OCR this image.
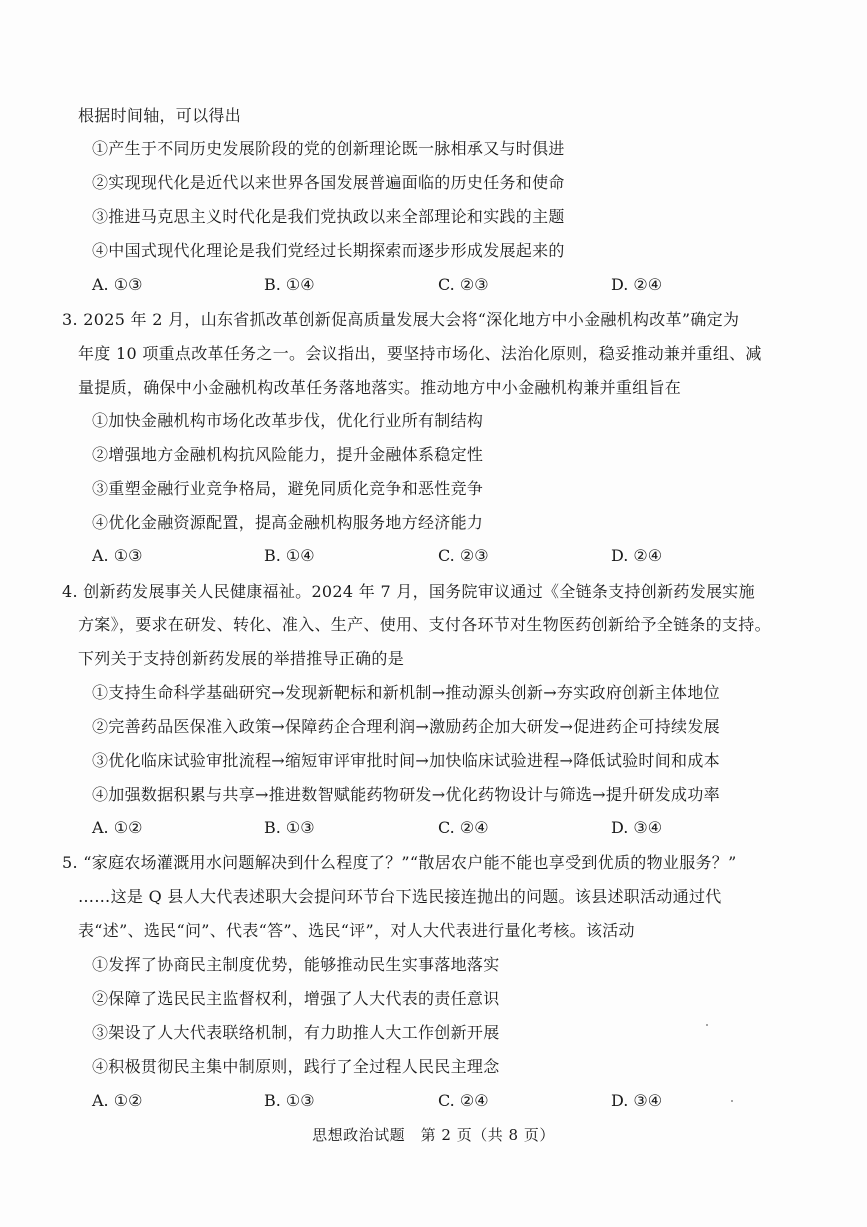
根据时间轴，可以得出
①产生于不同历史发展阶段的党的创新理论既一脉相承又与时俱进
②实现现代化是近代以来世界各国发展普遍面临的历史任务和使命
③推进马克思主义时代化是我们党执政以来全部理论和实践的主题
④中国式现代化理论是我们党经过长期探索而逐步形成发展起来的
A. ①③	B. ①④	C. ②③	D. ②④
3. 2025 年 2 月，山东省抓改革创新促高质量发展大会将“深化地方中小金融机构改革”确定为
年度 10 项重点改革任务之一。会议指出，要坚持市场化、法治化原则，稳妥推动兼并重组、减
量提质，确保中小金融机构改革任务落地落实。推动地方中小金融机构兼并重组旨在
①加快金融机构市场化改革步伐，优化行业所有制结构
②增强地方金融机构抗风险能力，提升金融体系稳定性
③重塑金融行业竞争格局，避免同质化竞争和恶性竞争
④优化金融资源配置，提高金融机构服务地方经济能力
A. ①③	B. ①④	C. ②③	D. ②④
4. 创新药发展事关人民健康福祉。2024 年 7 月，国务院审议通过《全链条支持创新药发展实施
方案》，要求在研发、转化、准入、生产、使用、支付各环节对生物医药创新给予全链条的支持。
下列关于支持创新药发展的举措推导正确的是
①支持生命科学基础研究→发现新靶标和新机制→推动源头创新→夯实政府创新主体地位
②完善药品医保准入政策→保障药企合理利润→激励药企加大研发→促进药企可持续发展
③优化临床试验审批流程→缩短审评审批时间→加快临床试验进程→降低试验时间和成本
④加强数据积累与共享→推进数智赋能药物研发→优化药物设计与筛选→提升研发成功率
A. ①②	B. ①③	C. ②④	D. ③④
5. “家庭农场灌溉用水问题解决到什么程度了？”“散居农户能不能也享受到优质的物业服务？”
……这是 Q 县人大代表述职大会提问环节台下选民接连抛出的问题。该县述职活动通过代
表“述”、选民“问”、代表“答”、选民“评”，对人大代表进行量化考核。该活动
①发挥了协商民主制度优势，能够推动民生实事落地落实
②保障了选民民主监督权利，增强了人大代表的责任意识
③架设了人大代表联络机制，有力助推人大工作创新开展
④积极贯彻民主集中制原则，践行了全过程人民民主理念
A. ①②	B. ①③	C. ②④	D. ③④
思想政治试题　第 2 页（共 8 页）
